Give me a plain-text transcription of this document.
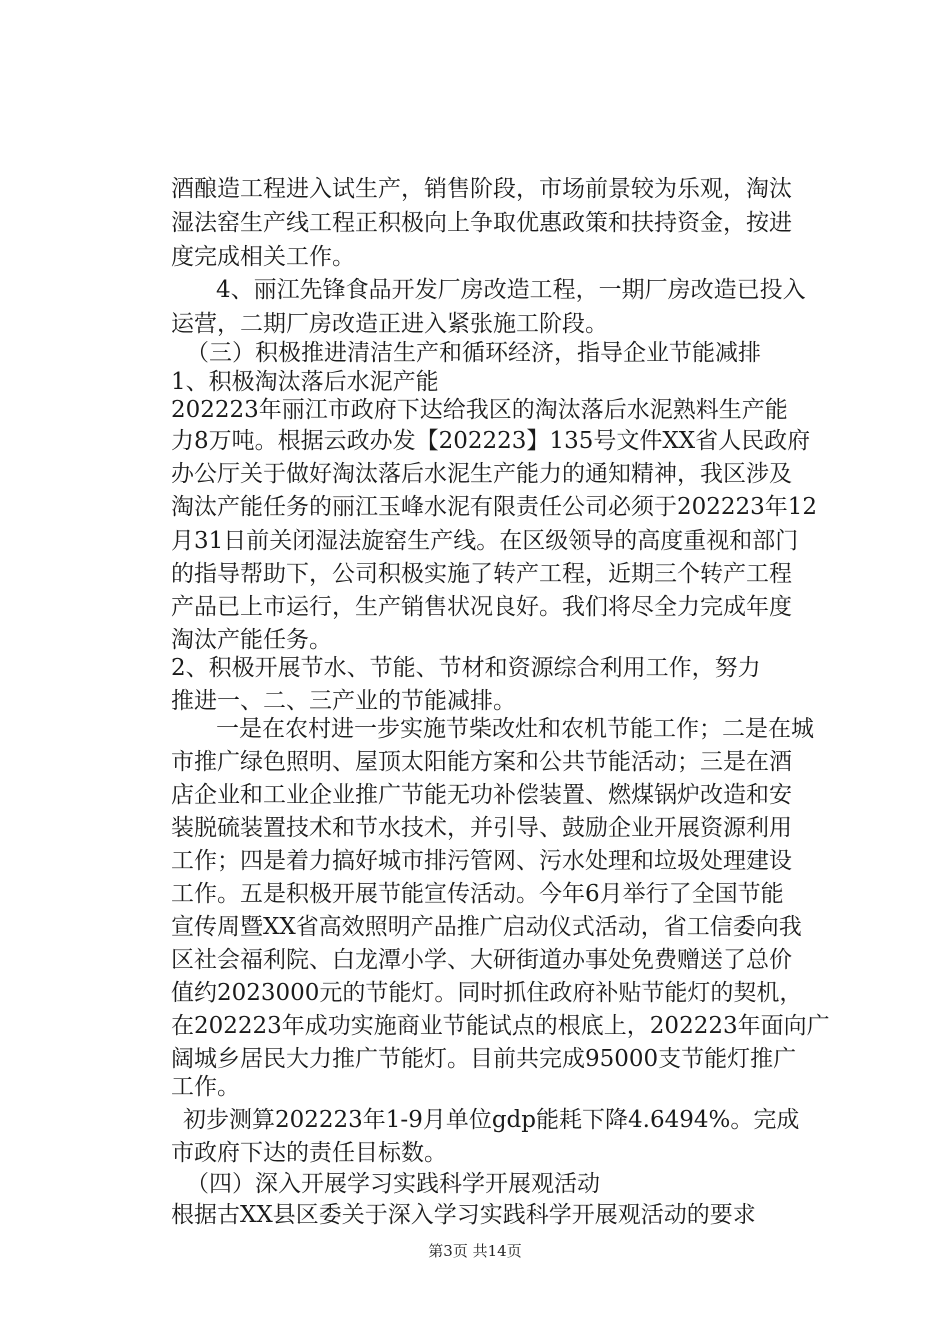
酒酿造工程进入试生产，销售阶段，市场前景较为乐观，淘汰
湿法窑生产线工程正积极向上争取优惠政策和扶持资金，按进
度完成相关工作。
4、丽江先锋食品开发厂房改造工程，一期厂房改造已投入
运营，二期厂房改造正进入紧张施工阶段。
（三）积极推进清洁生产和循环经济，指导企业节能减排
1、积极淘汰落后水泥产能
202223年丽江市政府下达给我区的淘汰落后水泥熟料生产能
力8万吨。根据云政办发【202223】135号文件XX省人民政府
办公厅关于做好淘汰落后水泥生产能力的通知精神，我区涉及
淘汰产能任务的丽江玉峰水泥有限责任公司必须于202223年12
月31日前关闭湿法旋窑生产线。在区级领导的高度重视和部门
的指导帮助下，公司积极实施了转产工程，近期三个转产工程
产品已上市运行，生产销售状况良好。我们将尽全力完成年度
淘汰产能任务。
2、积极开展节水、节能、节材和资源综合利用工作，努力
推进一、二、三产业的节能减排。
一是在农村进一步实施节柴改灶和农机节能工作；二是在城
市推广绿色照明、屋顶太阳能方案和公共节能活动；三是在酒
店企业和工业企业推广节能无功补偿装置、燃煤锅炉改造和安
装脱硫装置技术和节水技术，并引导、鼓励企业开展资源利用
工作；四是着力搞好城市排污管网、污水处理和垃圾处理建设
工作。五是积极开展节能宣传活动。今年6月举行了全国节能
宣传周暨XX省高效照明产品推广启动仪式活动，省工信委向我
区社会福利院、白龙潭小学、大研街道办事处免费赠送了总价
值约2023000元的节能灯。同时抓住政府补贴节能灯的契机，
在202223年成功实施商业节能试点的根底上，202223年面向广
阔城乡居民大力推广节能灯。目前共完成95000支节能灯推广
工作。
初步测算202223年1-9月单位gdp能耗下降4.6494%。完成
市政府下达的责任目标数。
（四）深入开展学习实践科学开展观活动
根据古XX县区委关于深入学习实践科学开展观活动的要求
第3页 共14页
